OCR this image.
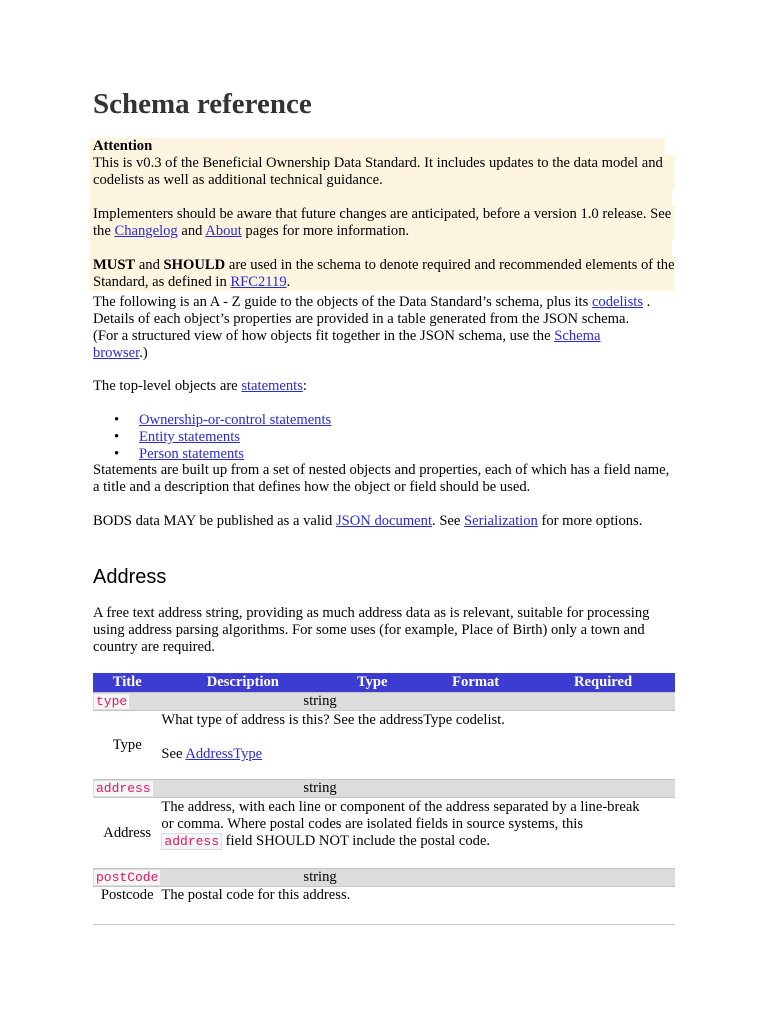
Schema reference
Attention

This is v0.3 of the Beneficial Ownership Data Standard. It includes updates to the data model and codelists as well as additional technical guidance.

Implementers should be aware that future changes are anticipated, before a version 1.0 release. See the Changelog and About pages for more information.

MUST and SHOULD are used in the schema to denote required and recommended elements of the Standard, as defined in RFC2119.

The following is an A - Z guide to the objects of the Data Standard’s schema, plus its codelists . Details of each object’s properties are provided in a table generated from the JSON schema. (For a structured view of how objects fit together in the JSON schema, use the Schema browser.)

The top-level objects are statements:

• Ownership-or-control statements
• Entity statements
• Person statements

Statements are built up from a set of nested objects and properties, each of which has a field name, a title and a description that defines how the object or field should be used.

BODS data MAY be published as a valid JSON document. See Serialization for more options.

Address

A free text address string, providing as much address data as is relevant, suitable for processing using address parsing algorithms. For some uses (for example, Place of Birth) only a town and country are required.

Title	Description	Type	Format	Required
type	string			
Type	What type of address is this? See the addressType codelist.
See AddressType			

address	string			
Address	The address, with each line or component of the address separated by a line-break or comma. Where postal codes are isolated fields in source systems, this address field SHOULD NOT include the postal code.			
postCode	string			
Postcode	The postal code for this address.			
